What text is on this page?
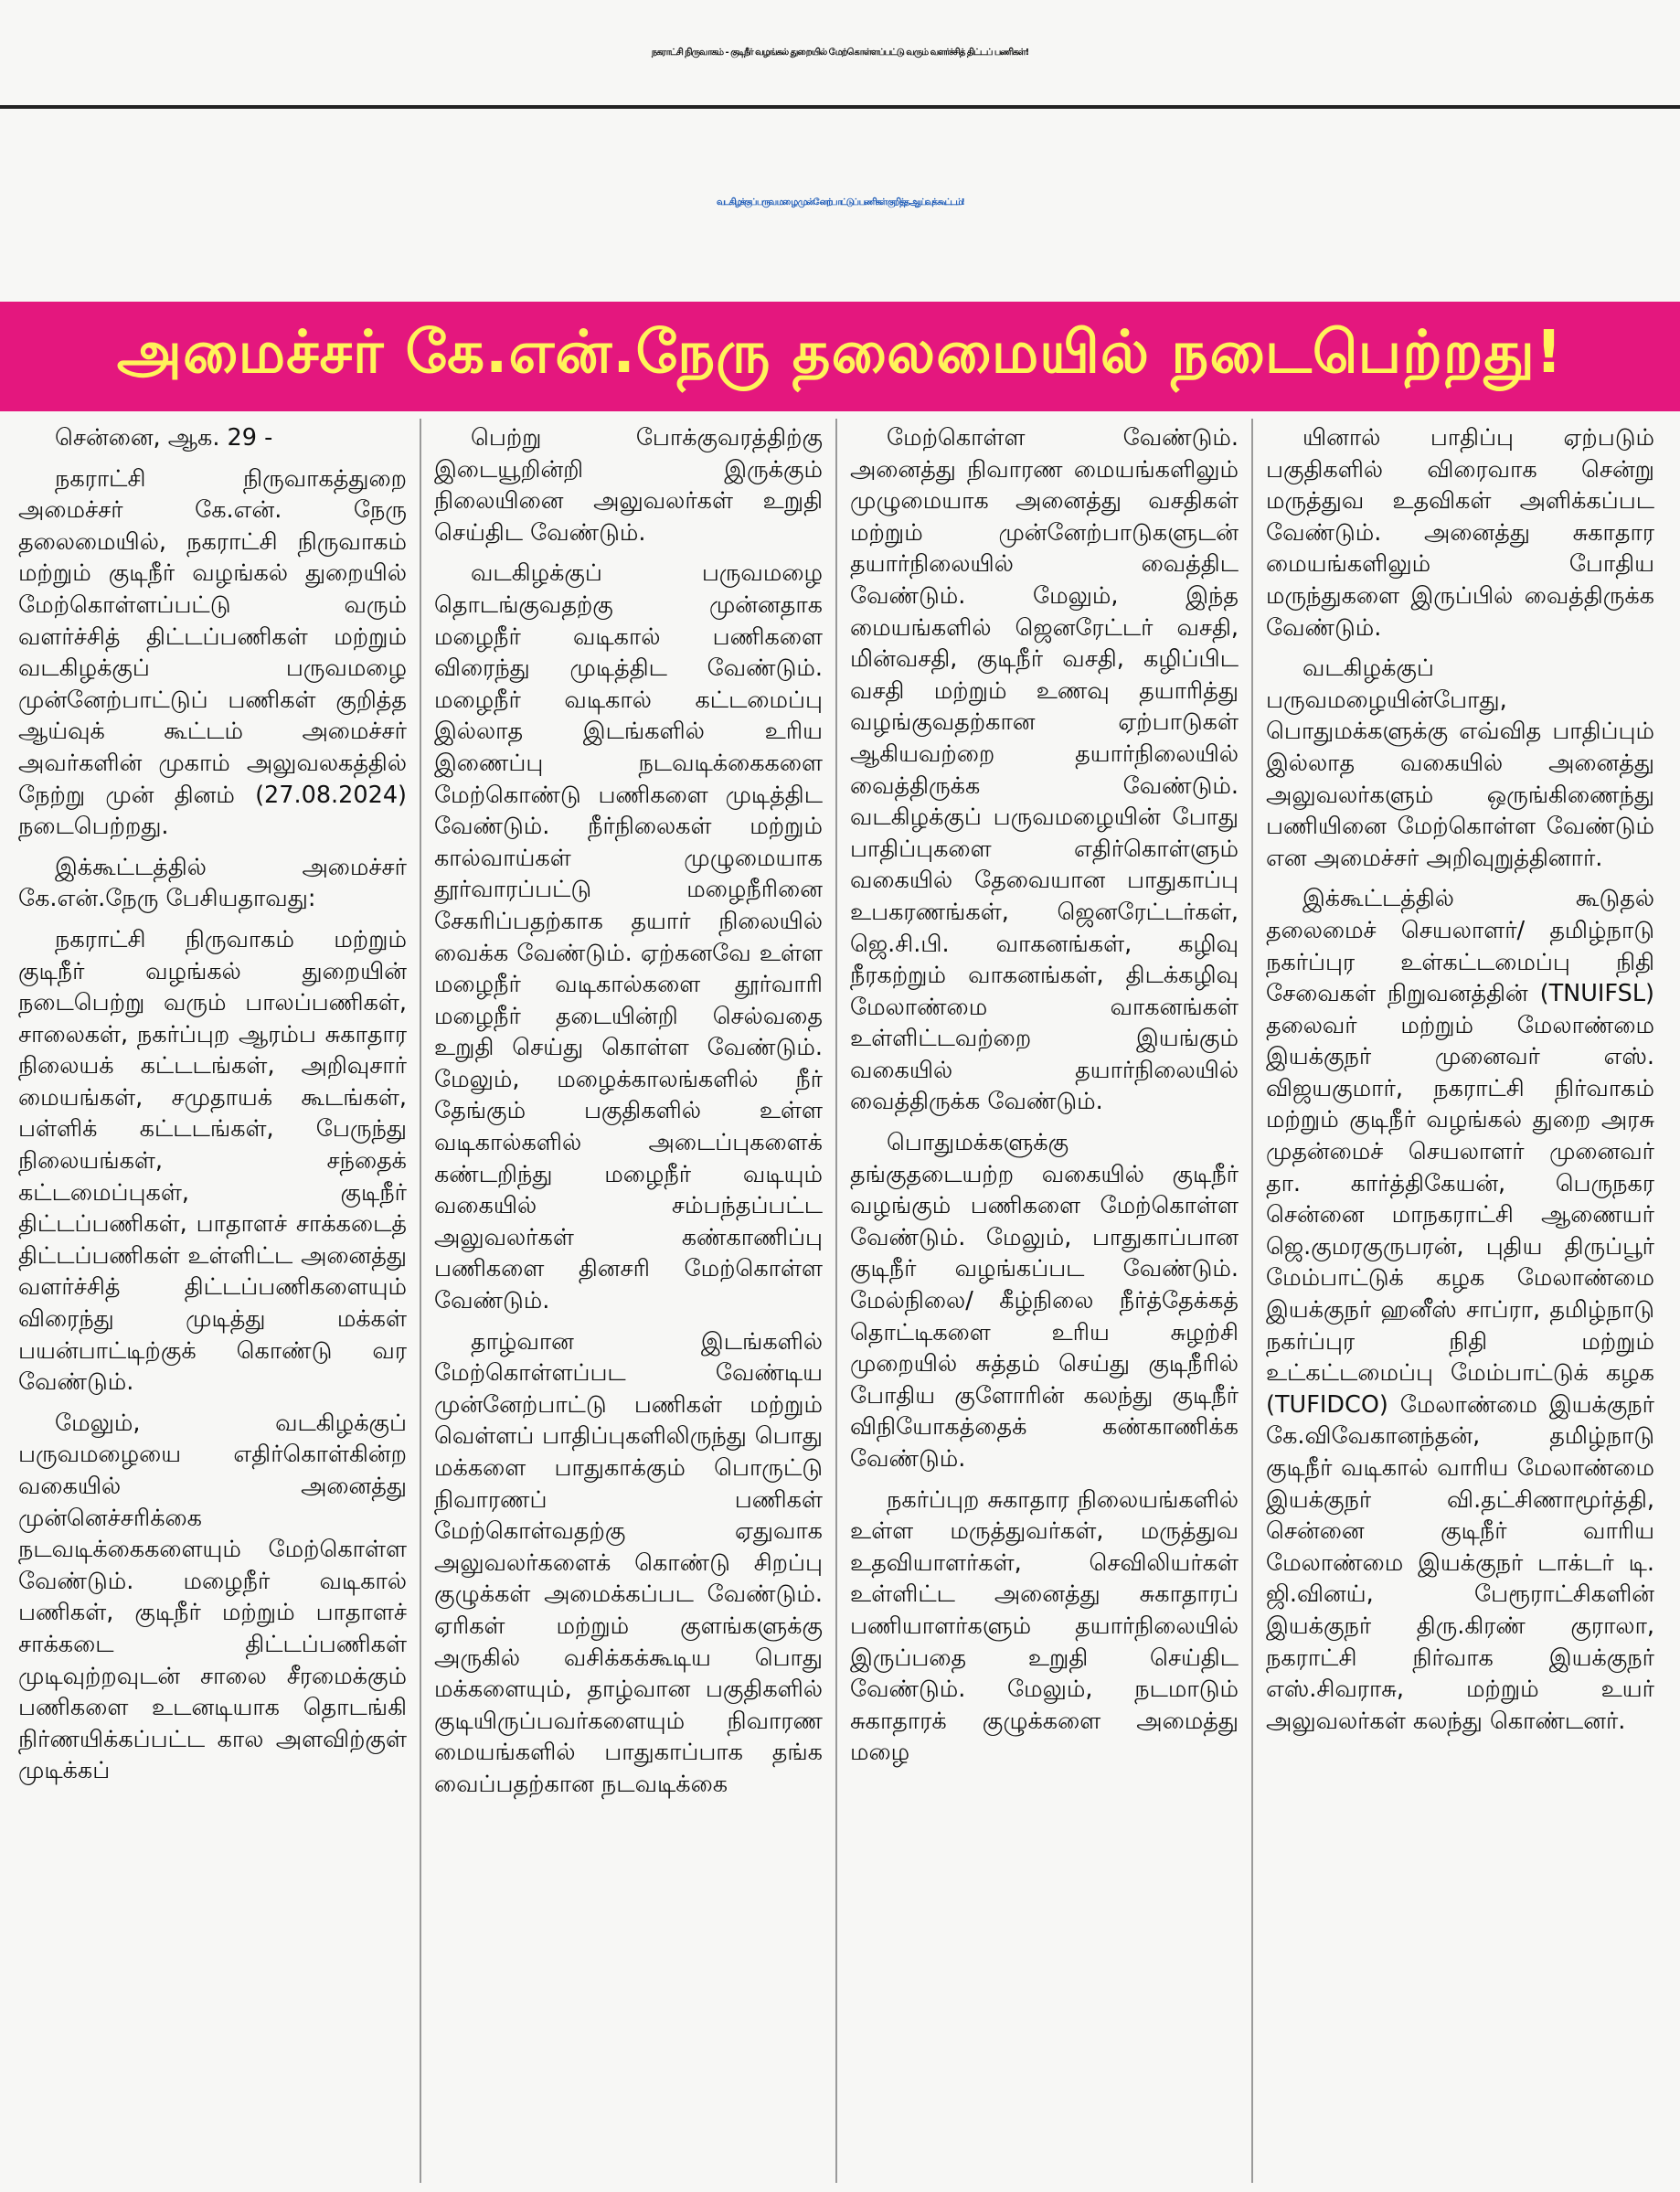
நகராட்சி நிருவாகம் - குடிநீர் வழங்கல் துறையில் மேற்கொள்ளப்பட்டு வரும் வளர்ச்சித் திட்டப் பணிகள்!
வடகிழக்குப் பருவ மழை முன்னேற்பாட்டுப் பணிகள் குறித்த ஆய்வுக் கூட்டம்!
அமைச்சர் கே.என்.நேரு தலைமையில் நடைபெற்றது!

சென்னை, ஆக. 29 -

நகராட்சி நிருவாகத்துறை அமைச்சர் கே.என். நேரு தலைமையில், நகராட்சி நிருவாகம் மற்றும் குடிநீர் வழங்கல் துறையில் மேற்கொள்ளப்பட்டு வரும் வளர்ச்சித் திட்டப்பணிகள் மற்றும் வடகிழக்குப் பருவமழை முன்னேற்பாட்டுப் பணிகள் குறித்த ஆய்வுக் கூட்டம் அமைச்சர் அவர்களின் முகாம் அலுவலகத்தில் நேற்று முன் தினம் (27.08.2024) நடைபெற்றது.

இக்கூட்டத்தில் அமைச்சர் கே.என்.நேரு பேசியதாவது:

நகராட்சி நிருவாகம் மற்றும் குடிநீர் வழங்கல் துறையின் நடைபெற்று வரும் பாலப்பணிகள், சாலைகள், நகர்ப்புற ஆரம்ப சுகாதார நிலையக் கட்டடங்கள், அறிவுசார் மையங்கள், சமுதாயக் கூடங்கள், பள்ளிக் கட்டடங்கள், பேருந்து நிலையங்கள், சந்தைக் கட்டமைப்புகள், குடிநீர் திட்டப்பணிகள், பாதாளச் சாக்கடைத் திட்டப்பணிகள் உள்ளிட்ட அனைத்து வளர்ச்சித் திட்டப்பணிகளையும் விரைந்து முடித்து மக்கள் பயன்பாட்டிற்குக் கொண்டு வர வேண்டும்.

மேலும், வடகிழக்குப் பருவமழையை எதிர்கொள்கின்ற வகையில் அனைத்து முன்னெச்சரிக்கை நடவடிக்கைகளையும் மேற்கொள்ள வேண்டும். மழைநீர் வடிகால் பணிகள், குடிநீர் மற்றும் பாதாளச் சாக்கடை திட்டப்பணிகள் முடிவுற்றவுடன் சாலை சீரமைக்கும் பணிகளை உடனடியாக தொடங்கி நிர்ணயிக்கப்பட்ட கால அளவிற்குள் முடிக்கப்

பெற்று போக்குவரத்திற்கு இடையூறின்றி இருக்கும் நிலையினை அலுவலர்கள் உறுதி செய்திட வேண்டும்.

வடகிழக்குப் பருவமழை தொடங்குவதற்கு முன்னதாக மழைநீர் வடிகால் பணிகளை விரைந்து முடித்திட வேண்டும். மழைநீர் வடிகால் கட்டமைப்பு இல்லாத இடங்களில் உரிய இணைப்பு நடவடிக்கைகளை மேற்கொண்டு பணிகளை முடித்திட வேண்டும். நீர்நிலைகள் மற்றும் கால்வாய்கள் முழுமையாக தூர்வாரப்பட்டு மழைநீரினை சேகரிப்பதற்காக தயார் நிலையில் வைக்க வேண்டும். ஏற்கனவே உள்ள மழைநீர் வடிகால்களை தூர்வாரி மழைநீர் தடையின்றி செல்வதை உறுதி செய்து கொள்ள வேண்டும். மேலும், மழைக்காலங்களில் நீர் தேங்கும் பகுதிகளில் உள்ள வடிகால்களில் அடைப்புகளைக் கண்டறிந்து மழைநீர் வடியும் வகையில் சம்பந்தப்பட்ட அலுவலர்கள் கண்காணிப்பு பணிகளை தினசரி மேற்கொள்ள வேண்டும்.

தாழ்வான இடங்களில் மேற்கொள்ளப்பட வேண்டிய முன்னேற்பாட்டு பணிகள் மற்றும் வெள்ளப் பாதிப்புகளிலிருந்து பொது மக்களை பாதுகாக்கும் பொருட்டு நிவாரணப் பணிகள் மேற்கொள்வதற்கு ஏதுவாக அலுவலர்களைக் கொண்டு சிறப்பு குழுக்கள் அமைக்கப்பட வேண்டும். ஏரிகள் மற்றும் குளங்களுக்கு அருகில் வசிக்கக்கூடிய பொது மக்களையும், தாழ்வான பகுதிகளில் குடியிருப்பவர்களையும் நிவாரண மையங்களில் பாதுகாப்பாக தங்க வைப்பதற்கான நடவடிக்கை

மேற்கொள்ள வேண்டும். அனைத்து நிவாரண மையங்களிலும் முழுமையாக அனைத்து வசதிகள் மற்றும் முன்னேற்பாடுகளுடன் தயார்நிலையில் வைத்திட வேண்டும். மேலும், இந்த மையங்களில் ஜெனரேட்டர் வசதி, மின்வசதி, குடிநீர் வசதி, கழிப்பிட வசதி மற்றும் உணவு தயாரித்து வழங்குவதற்கான ஏற்பாடுகள் ஆகியவற்றை தயார்நிலையில் வைத்திருக்க வேண்டும். வடகிழக்குப் பருவமழையின் போது பாதிப்புகளை எதிர்கொள்ளும் வகையில் தேவையான பாதுகாப்பு உபகரணங்கள், ஜெனரேட்டர்கள், ஜெ.சி.பி. வாகனங்கள், கழிவு நீரகற்றும் வாகனங்கள், திடக்கழிவு மேலாண்மை வாகனங்கள் உள்ளிட்டவற்றை இயங்கும் வகையில் தயார்நிலையில் வைத்திருக்க வேண்டும்.

பொதுமக்களுக்கு தங்குதடையற்ற வகையில் குடிநீர் வழங்கும் பணிகளை மேற்கொள்ள வேண்டும். மேலும், பாதுகாப்பான குடிநீர் வழங்கப்பட வேண்டும். மேல்நிலை/ கீழ்நிலை நீர்த்தேக்கத் தொட்டிகளை உரிய சுழற்சி முறையில் சுத்தம் செய்து குடிநீரில் போதிய குளோரின் கலந்து குடிநீர் விநியோகத்தைக் கண்காணிக்க வேண்டும்.

நகர்ப்புற சுகாதார நிலையங்களில் உள்ள மருத்துவர்கள், மருத்துவ உதவியாளர்கள், செவிலியர்கள் உள்ளிட்ட அனைத்து சுகாதாரப் பணியாளர்களும் தயார்நிலையில் இருப்பதை உறுதி செய்திட வேண்டும். மேலும், நடமாடும் சுகாதாரக் குழுக்களை அமைத்து மழை

யினால் பாதிப்பு ஏற்படும் பகுதிகளில் விரைவாக சென்று மருத்துவ உதவிகள் அளிக்கப்பட வேண்டும். அனைத்து சுகாதார மையங்களிலும் போதிய மருந்துகளை இருப்பில் வைத்திருக்க வேண்டும்.

வடகிழக்குப் பருவமழையின்போது, பொதுமக்களுக்கு எவ்வித பாதிப்பும் இல்லாத வகையில் அனைத்து அலுவலர்களும் ஒருங்கிணைந்து பணியினை மேற்கொள்ள வேண்டும் என அமைச்சர் அறிவுறுத்தினார்.

இக்கூட்டத்தில் கூடுதல் தலைமைச் செயலாளர்/ தமிழ்நாடு நகர்ப்புர உள்கட்டமைப்பு நிதி சேவைகள் நிறுவனத்தின் (TNUIFSL) தலைவர் மற்றும் மேலாண்மை இயக்குநர் முனைவர் எஸ். விஜயகுமார், நகராட்சி நிர்வாகம் மற்றும் குடிநீர் வழங்கல் துறை அரசு முதன்மைச் செயலாளர் முனைவர் தா. கார்த்திகேயன், பெருநகர சென்னை மாநகராட்சி ஆணையர் ஜெ.குமரகுருபரன், புதிய திருப்பூர் மேம்பாட்டுக் கழக மேலாண்மை இயக்குநர் ஹனீஸ் சாப்ரா, தமிழ்நாடு நகர்ப்புர நிதி மற்றும் உட்கட்டமைப்பு மேம்பாட்டுக் கழக (TUFIDCO) மேலாண்மை இயக்குநர் கே.விவேகானந்தன், தமிழ்நாடு குடிநீர் வடிகால் வாரிய மேலாண்மை இயக்குநர் வி.தட்சிணாமூர்த்தி, சென்னை குடிநீர் வாரிய மேலாண்மை இயக்குநர் டாக்டர் டி. ஜி.வினய், பேரூராட்சிகளின் இயக்குநர் திரு.கிரண் குராலா, நகராட்சி நிர்வாக இயக்குநர் எஸ்.சிவராசு, மற்றும் உயர் அலுவலர்கள் கலந்து கொண்டனர்.
